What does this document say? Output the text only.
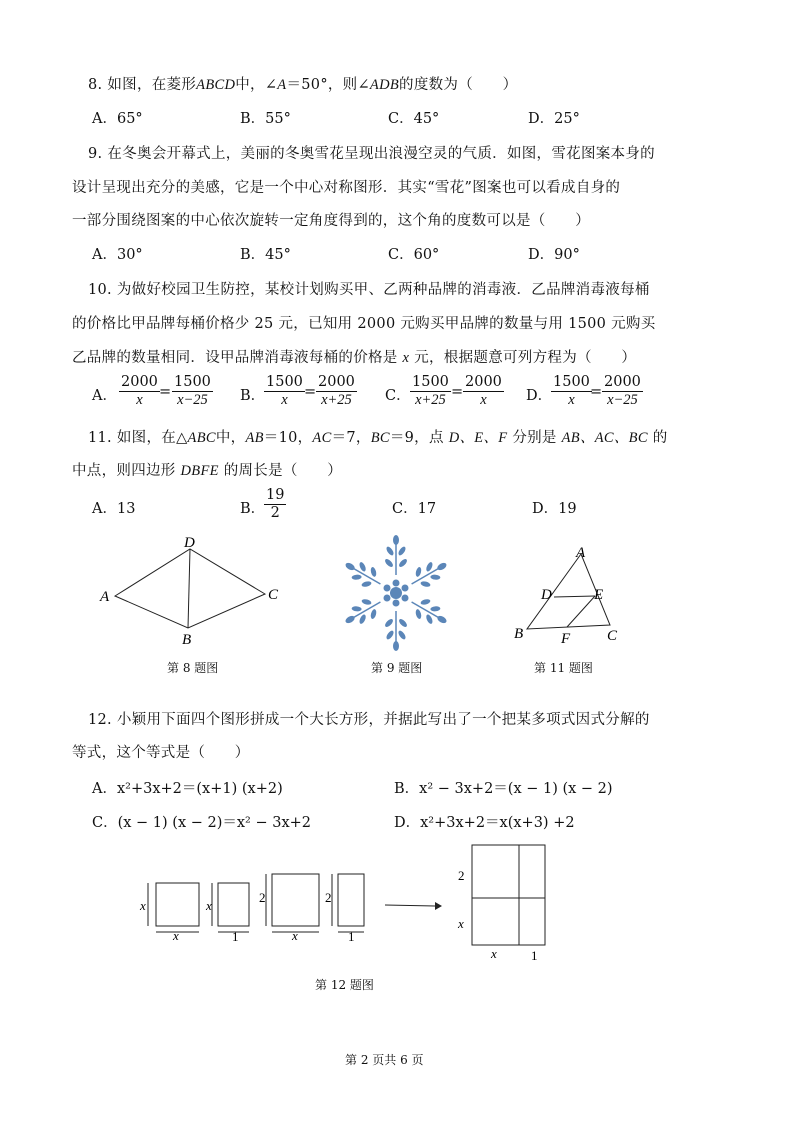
8. 如图，在菱形ABCD中，∠A＝50°，则∠ADB的度数为（　　）
A．65°	B．55°	C．45°	D．25°
9. 在冬奥会开幕式上，美丽的冬奥雪花呈现出浪漫空灵的气质．如图，雪花图案本身的
设计呈现出充分的美感，它是一个中心对称图形．其实“雪花”图案也可以看成自身的
一部分围绕图案的中心依次旋转一定角度得到的，这个角的度数可以是（　　）
A．30°	B．45°	C．60°	D．90°
10. 为做好校园卫生防控，某校计划购买甲、乙两种品牌的消毒液．乙品牌消毒液每桶
的价格比甲品牌每桶价格少 25 元，已知用 2000 元购买甲品牌的数量与用 1500 元购买
乙品牌的数量相同．设甲品牌消毒液每桶的价格是 x 元，根据题意可列方程为（　　）
A． $\frac{2000}{x} = \frac{1500}{x-25}$ B．
$\frac{1500}{x} = \frac{2000}{x+25}$ C． $\frac{1500}{x+25} = \frac{2000}{x}$ D．
$\frac{1500}{x}$
= $\frac{2000}{x-25}$
11. 如图，在△ABC中，AB＝10，AC＝7，BC＝9，点 D、E、F 分别是 AB、AC、BC 的
中点，则四边形 DBFE 的周长是（　　）
A．13	B．
$\frac{19}{2}$	C．17	D．19
D
A	C
B
第 8 题图	第 9 题图
A
D	E
B	F C
第 11 题图
12. 小颖用下面四个图形拼成一个大长方形，并据此写出了一个把某多项式因式分解的
等式，这个等式是（　　）
A．x²+3x+2＝(x+1) (x+2)	B．x² − 3x+2＝(x − 1) (x − 2)
C．(x − 1) (x − 2)＝x² − 3x+2	D．x²+3x+2＝x(x+3) +2
x
x
x
1
2
x
2
1
2
x
x	1
第 12 题图
第 2 页共 6 页
